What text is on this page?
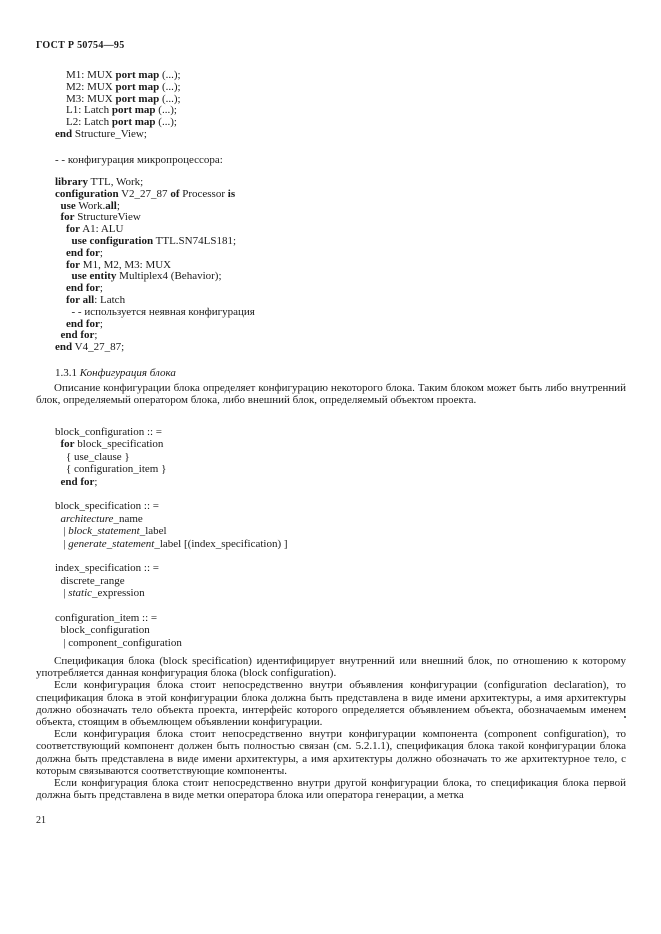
ГОСТ Р 50754—95
M1: MUX port map (...);
M2: MUX port map (...);
M3: MUX port map (...);
L1: Latch port map (...);
L2: Latch port map (...);
end Structure_View;
- - конфигурация микропроцессора:
library TTL, Work;
configuration V2_27_87 of Processor is
use Work.all;
for StructureView
for A1: ALU
use configuration TTL.SN74LS181;
end for;
for M1, M2, M3: MUX
use entity Multiplex4 (Behavior);
end for;
for all: Latch
- - используется неявная конфигурация
end for;
end for;
end V4_27_87;
1.3.1 Конфигурация блока

Описание конфигурации блока определяет конфигурацию некоторого блока. Таким блоком может быть либо внутренний блок, определяемый оператором блока, либо внешний блок, определяемый объектом проекта.

block_configuration :: =
for block_specification
{ use_clause }
{ configuration_item }
end for;

block_specification :: =
architecture_name
| block_statement_label
| generate_statement_label [(index_specification) ]

index_specification :: =
discrete_range
| static_expression

configuration_item :: =
block_configuration
| component_configuration

Спецификация блока (block specification) идентифицирует внутренний или внешний блок, по отношению к которому употребляется данная конфигурация блока (block configuration).

Если конфигурация блока стоит непосредственно внутри объявления конфигурации (configuration declaration), то спецификация блока в этой конфигурации блока должна быть представлена в виде имени архитектуры, а имя архитектуры должно обозначать тело объекта проекта, интерфейс которого определяется объявлением объекта, обозначаемым именем объекта, стоящим в объемлющем объявлении конфигурации.

Если конфигурация блока стоит непосредственно внутри конфигурации компонента (component configuration), то соответствующий компонент должен быть полностью связан (см. 5.2.1.1), спецификация блока такой конфигурации блока должна быть представлена в виде имени архитектуры, а имя архитектуры должно обозначать то же архитектурное тело, с которым связываются соответствующие компоненты.

Если конфигурация блока стоит непосредственно внутри другой конфигурации блока, то спецификация блока первой должна быть представлена в виде метки оператора блока или оператора генерации, а метка

21
